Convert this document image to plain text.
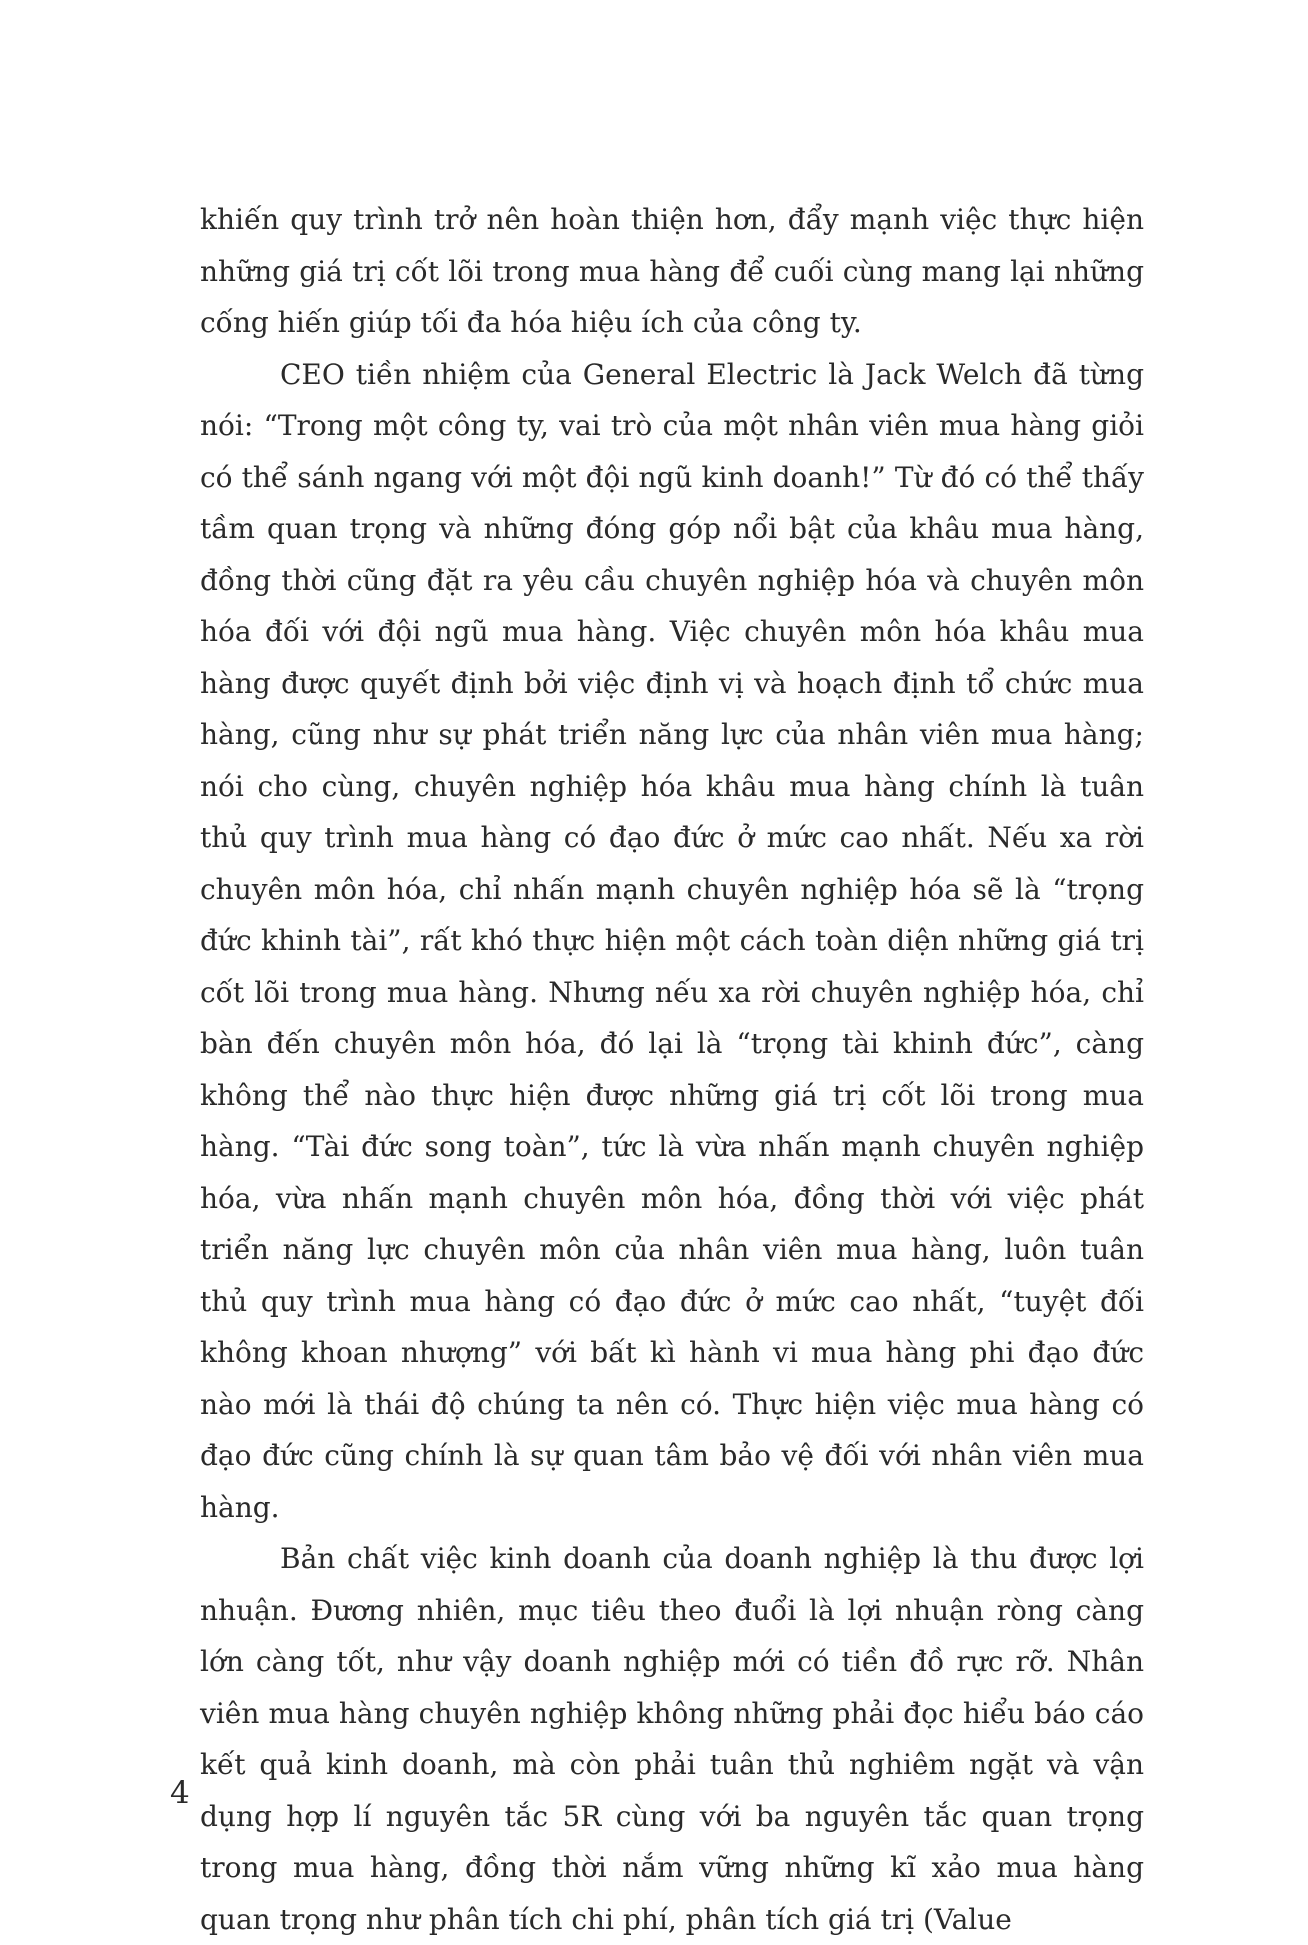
khiến quy trình trở nên hoàn thiện hơn, đẩy mạnh việc thực hiện những giá trị cốt lõi trong mua hàng để cuối cùng mang lại những cống hiến giúp tối đa hóa hiệu ích của công ty.

CEO tiền nhiệm của General Electric là Jack Welch đã từng nói: “Trong một công ty, vai trò của một nhân viên mua hàng giỏi có thể sánh ngang với một đội ngũ kinh doanh!” Từ đó có thể thấy tầm quan trọng và những đóng góp nổi bật của khâu mua hàng, đồng thời cũng đặt ra yêu cầu chuyên nghiệp hóa và chuyên môn hóa đối với đội ngũ mua hàng. Việc chuyên môn hóa khâu mua hàng được quyết định bởi việc định vị và hoạch định tổ chức mua hàng, cũng như sự phát triển năng lực của nhân viên mua hàng; nói cho cùng, chuyên nghiệp hóa khâu mua hàng chính là tuân thủ quy trình mua hàng có đạo đức ở mức cao nhất. Nếu xa rời chuyên môn hóa, chỉ nhấn mạnh chuyên nghiệp hóa sẽ là “trọng đức khinh tài”, rất khó thực hiện một cách toàn diện những giá trị cốt lõi trong mua hàng. Nhưng nếu xa rời chuyên nghiệp hóa, chỉ bàn đến chuyên môn hóa, đó lại là “trọng tài khinh đức”, càng không thể nào thực hiện được những giá trị cốt lõi trong mua hàng. “Tài đức song toàn”, tức là vừa nhấn mạnh chuyên nghiệp hóa, vừa nhấn mạnh chuyên môn hóa, đồng thời với việc phát triển năng lực chuyên môn của nhân viên mua hàng, luôn tuân thủ quy trình mua hàng có đạo đức ở mức cao nhất, “tuyệt đối không khoan nhượng” với bất kì hành vi mua hàng phi đạo đức nào mới là thái độ chúng ta nên có. Thực hiện việc mua hàng có đạo đức cũng chính là sự quan tâm bảo vệ đối với nhân viên mua hàng.

Bản chất việc kinh doanh của doanh nghiệp là thu được lợi nhuận. Đương nhiên, mục tiêu theo đuổi là lợi nhuận ròng càng lớn càng tốt, như vậy doanh nghiệp mới có tiền đồ rực rỡ. Nhân viên mua hàng chuyên nghiệp không những phải đọc hiểu báo cáo kết quả kinh doanh, mà còn phải tuân thủ nghiêm ngặt và vận dụng hợp lí nguyên tắc 5R cùng với ba nguyên tắc quan trọng trong mua hàng, đồng thời nắm vững những kĩ xảo mua hàng quan trọng như phân tích chi phí, phân tích giá trị (Value

4
